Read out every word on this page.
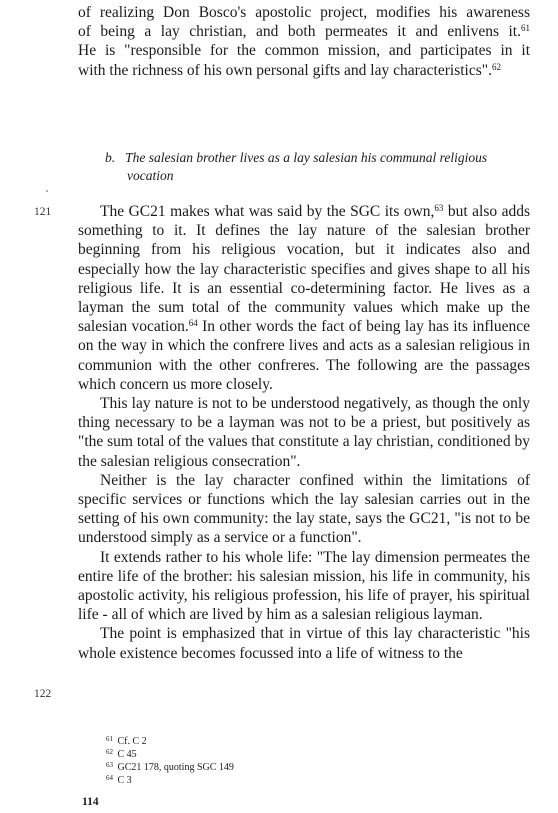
of realizing Don Bosco's apostolic project, modifies his awareness

of being a lay christian, and both permeates it and enlivens it.$^{61}$

He is "responsible for the common mission, and participates in it

with the richness of his own personal gifts and lay characteristics".$^{62}$

b. The salesian brother lives as a lay salesian his communal religious
vocation
121	The GC21 makes what was said by the SGC its own,$^{63}$ but also adds something to it. It defines the lay nature of the salesian brother beginning from his religious vocation, but it indicates also and especially how the lay characteristic specifies and gives shape to all his religious life. It is an essential co-determining factor. He lives as a layman the sum total of the community values which make up the salesian vocation.$^{64}$ In other words the fact of being lay has its influence on the way in which the confrere lives and acts as a salesian religious in communion with the other confreres. The following are the passages which concern us more closely.

This lay nature is not to be understood negatively, as though the only thing necessary to be a layman was not to be a priest, but positively as "the sum total of the values that constitute a lay christian, conditioned by the salesian religious consecration".

Neither is the lay character confined within the limitations of specific services or functions which the lay salesian carries out in the setting of his own community: the lay state, says the GC21, "is not to be understood simply as a service or a function".

It extends rather to his whole life: "The lay dimension permeates the entire life of the brother: his salesian mission, his life in community, his apostolic activity, his religious profession, his life of prayer, his spiritual life - all of which are lived by him as a salesian religious layman.

The point is emphasized that in virtue of this lay characteristic "his whole existence becomes focussed into a life of witness to the

122
$^{61}$ Cf. C 2
$^{62}$ C 45
$^{63}$ GC21 178, quoting SGC 149
$^{64}$ C 3
114
